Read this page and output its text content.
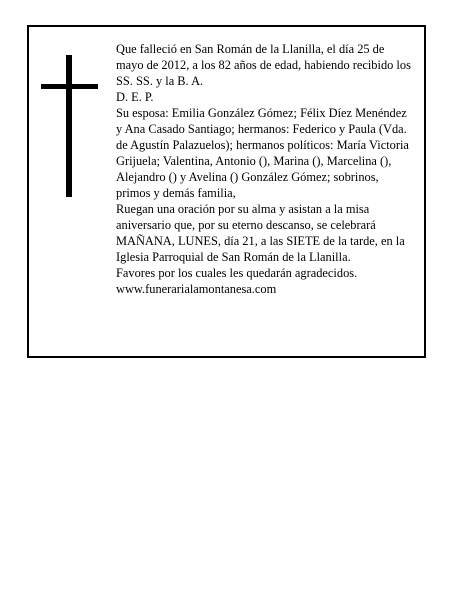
Que falleció en San Román de la Llanilla, el día 25 de mayo de 2012, a los 82 años de edad, habiendo recibido los SS. SS. y la B. A.

D. E. P.

Su esposa: Emilia González Gómez; Félix Díez Menéndez y Ana Casado Santiago; hermanos: Federico y Paula (Vda. de Agustín Palazuelos); hermanos políticos: María Victoria Grijuela; Valentina, Antonio (), Marina (), Marcelina (), Alejandro () y Avelina () González Gómez; sobrinos, primos y demás familia,

Ruegan una oración por su alma y asistan a la misa aniversario que, por su eterno descanso, se celebrará MAÑANA, LUNES, día 21, a las SIETE de la tarde, en la Iglesia Parroquial de San Román de la Llanilla.

Favores por los cuales les quedarán agradecidos.

www.funerarialamontanesa.com
